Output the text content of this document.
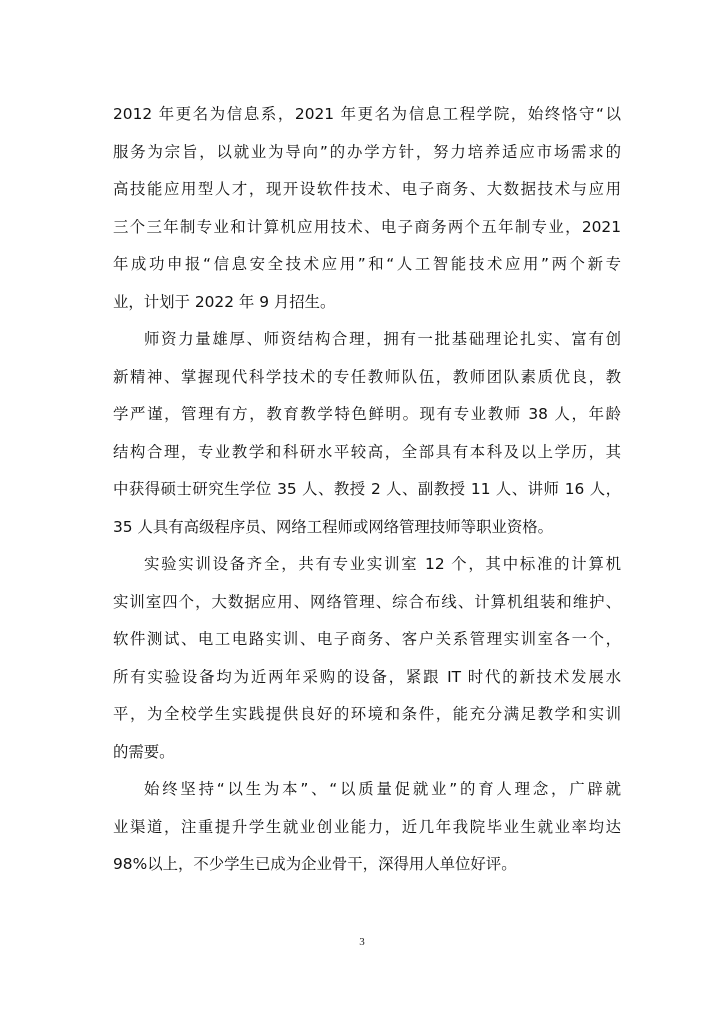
2012 年更名为信息系，2021 年更名为信息工程学院，始终恪守“以
服务为宗旨，以就业为导向”的办学方针，努力培养适应市场需求的
高技能应用型人才，现开设软件技术、电子商务、大数据技术与应用
三个三年制专业和计算机应用技术、电子商务两个五年制专业，2021
年成功申报“信息安全技术应用”和“人工智能技术应用”两个新专
业，计划于 2022 年 9 月招生。
师资力量雄厚、师资结构合理，拥有一批基础理论扎实、富有创
新精神、掌握现代科学技术的专任教师队伍，教师团队素质优良，教
学严谨，管理有方，教育教学特色鲜明。现有专业教师 38 人，年龄
结构合理，专业教学和科研水平较高，全部具有本科及以上学历，其
中获得硕士研究生学位 35 人、教授 2 人、副教授 11 人、讲师 16 人，
35 人具有高级程序员、网络工程师或网络管理技师等职业资格。
实验实训设备齐全，共有专业实训室 12 个，其中标准的计算机
实训室四个，大数据应用、网络管理、综合布线、计算机组装和维护、
软件测试、电工电路实训、电子商务、客户关系管理实训室各一个，
所有实验设备均为近两年采购的设备，紧跟 IT 时代的新技术发展水
平，为全校学生实践提供良好的环境和条件，能充分满足教学和实训
的需要。
始终坚持“以生为本”、“以质量促就业”的育人理念，广辟就
业渠道，注重提升学生就业创业能力，近几年我院毕业生就业率均达
98%以上，不少学生已成为企业骨干，深得用人单位好评。
3
